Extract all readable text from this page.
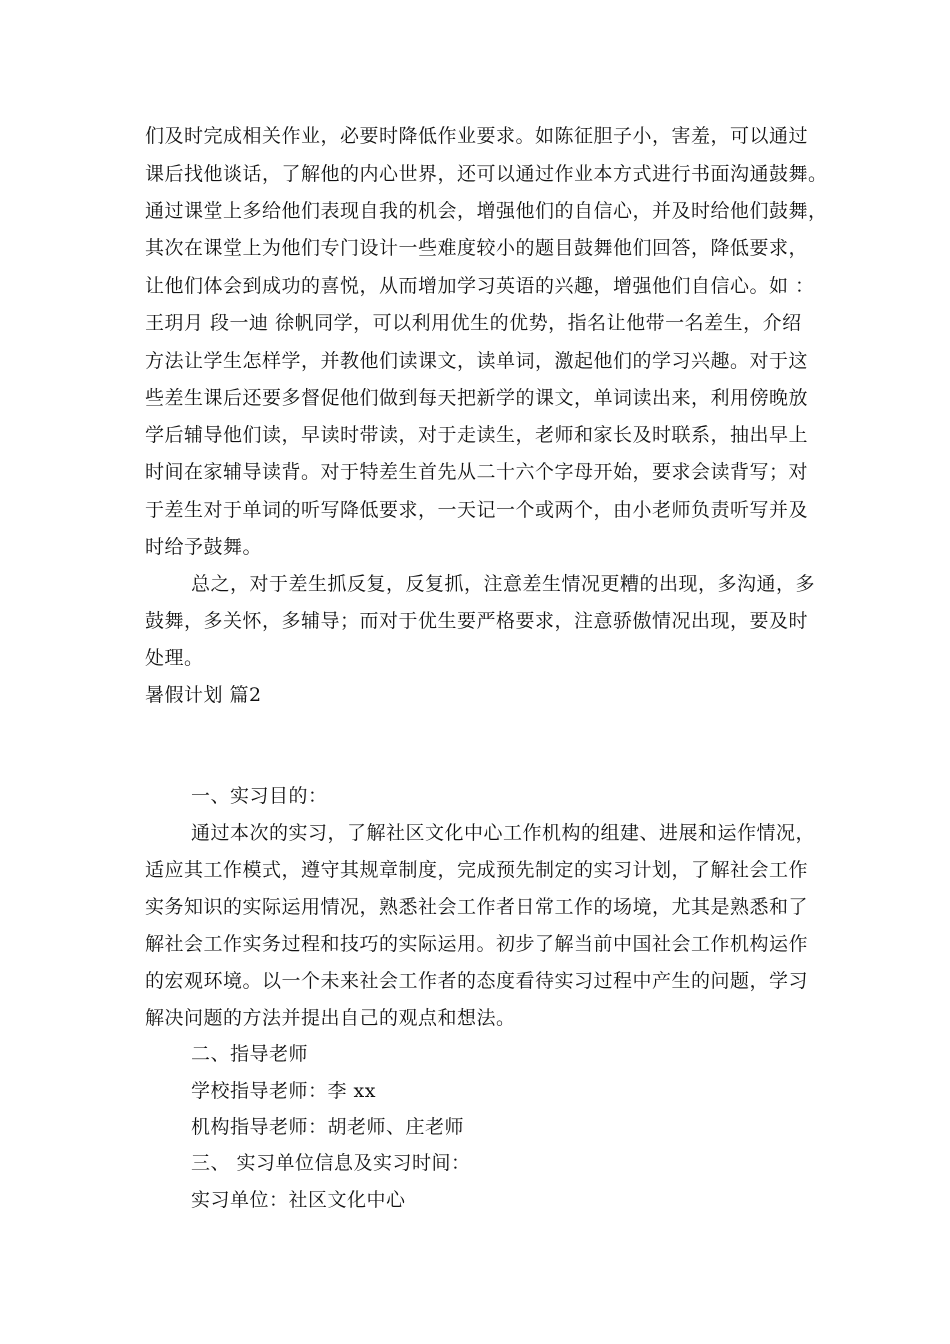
们及时完成相关作业，必要时降低作业要求。如陈征胆子小，害羞，可以通过
课后找他谈话，了解他的内心世界，还可以通过作业本方式进行书面沟通鼓舞。
通过课堂上多给他们表现自我的机会，增强他们的自信心，并及时给他们鼓舞，
其次在课堂上为他们专门设计一些难度较小的题目鼓舞他们回答，降低要求，
让他们体会到成功的喜悦，从而增加学习英语的兴趣，增强他们自信心。如 ：
王玥月 段一迪 徐帆同学，可以利用优生的优势，指名让他带一名差生，介绍
方法让学生怎样学，并教他们读课文，读单词，激起他们的学习兴趣。对于这
些差生课后还要多督促他们做到每天把新学的课文，单词读出来，利用傍晚放
学后辅导他们读，早读时带读，对于走读生，老师和家长及时联系，抽出早上
时间在家辅导读背。对于特差生首先从二十六个字母开始，要求会读背写；对
于差生对于单词的听写降低要求，一天记一个或两个，由小老师负责听写并及
时给予鼓舞。
总之，对于差生抓反复，反复抓，注意差生情况更糟的出现，多沟通，多
鼓舞，多关怀，多辅导；而对于优生要严格要求，注意骄傲情况出现，要及时
处理。
暑假计划 篇2
一、实习目的：
通过本次的实习，了解社区文化中心工作机构的组建、进展和运作情况，
适应其工作模式，遵守其规章制度，完成预先制定的实习计划，了解社会工作
实务知识的实际运用情况，熟悉社会工作者日常工作的场境，尤其是熟悉和了
解社会工作实务过程和技巧的实际运用。初步了解当前中国社会工作机构运作
的宏观环境。以一个未来社会工作者的态度看待实习过程中产生的问题，学习
解决问题的方法并提出自己的观点和想法。
二、指导老师
学校指导老师：李 xx
机构指导老师：胡老师、庄老师
三、 实习单位信息及实习时间：
实习单位：社区文化中心
